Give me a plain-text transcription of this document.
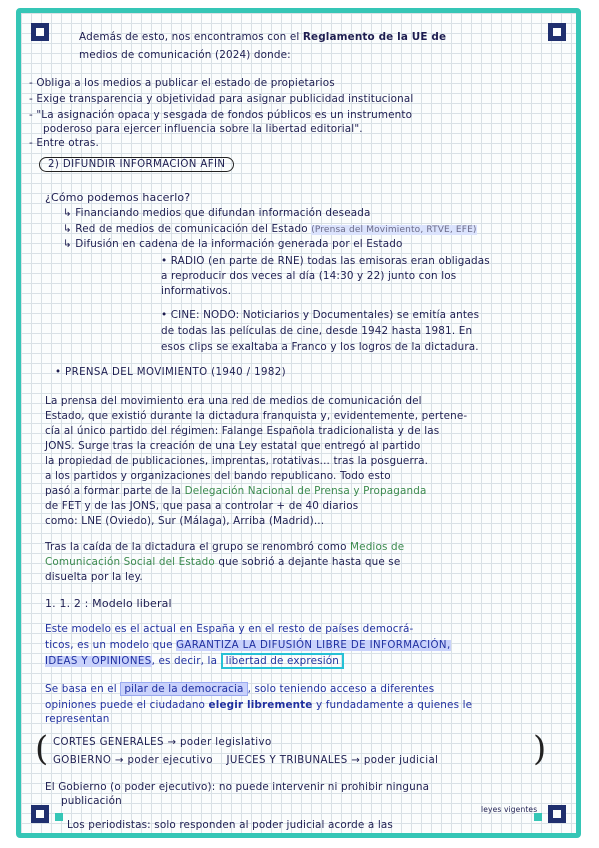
Además de esto, nos encontramos con el Reglamento de la UE de
medios de comunicación (2024) donde:
- Obliga a los medios a publicar el estado de propietarios
- Exige transparencia y objetividad para asignar publicidad institucional
- "La asignación opaca y sesgada de fondos públicos es un instrumento
poderoso para ejercer influencia sobre la libertad editorial".
- Entre otras.
2) DIFUNDIR INFORMACIÓN AFÍN
¿Cómo podemos hacerlo?
↳ Financiando medios que difundan información deseada
↳ Red de medios de comunicación del Estado (Prensa del Movimiento, RTVE, EFE)
↳ Difusión en cadena de la información generada por el Estado
• RADIO (en parte de RNE) todas las emisoras eran obligadas
a reproducir dos veces al día (14:30 y 22) junto con los
informativos.
• CINE: NODO: Noticiarios y Documentales) se emitía antes
de todas las películas de cine, desde 1942 hasta 1981. En
esos clips se exaltaba a Franco y los logros de la dictadura.
• PRENSA DEL MOVIMIENTO (1940 / 1982)
La prensa del movimiento era una red de medios de comunicación del
Estado, que existió durante la dictadura franquista y, evidentemente, pertene-
cía al único partido del régimen: Falange Española tradicionalista y de las
JONS. Surge tras la creación de una Ley estatal que entregó al partido
la propiedad de publicaciones, imprentas, rotativas... tras la posguerra.
a los partidos y organizaciones del bando republicano. Todo esto
pasó a formar parte de la Delegación Nacional de Prensa y Propaganda
de FET y de las JONS, que pasa a controlar + de 40 diarios
como: LNE (Oviedo), Sur (Málaga), Arriba (Madrid)...
Tras la caída de la dictadura el grupo se renombró como Medios de
Comunicación Social del Estado que sobrió a dejante hasta que se
disuelta por la ley.
1. 1. 2 : Modelo liberal
Este modelo es el actual en España y en el resto de países democrá-
ticos, es un modelo que GARANTIZA LA DIFUSIÓN LIBRE DE INFORMACIÓN,
IDEAS Y OPINIONES, es decir, la libertad de expresión
Se basa en el pilar de la democracia , solo teniendo acceso a diferentes
opiniones puede el ciudadano elegir libremente y fundadamente a quienes le
representan
( CORTES GENERALES → poder legislativo
GOBIERNO → poder ejecutivo JUECES Y TRIBUNALES → poder judicial	)
El Gobierno (o poder ejecutivo): no puede intervenir ni prohibir ninguna
publicación
Los periodistas: solo responden al poder judicial acorde a las
leyes vigentes
